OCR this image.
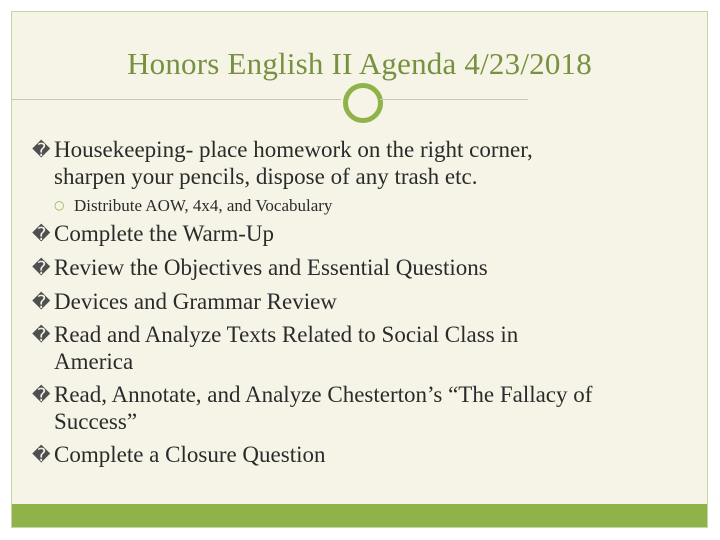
Honors English II Agenda 4/23/2018
� Housekeeping- place homework on the right corner,
sharpen your pencils, dispose of any trash etc.
○ Distribute AOW, 4x4, and Vocabulary
� Complete the Warm-Up
� Review the Objectives and Essential Questions
� Devices and Grammar Review
� Read and Analyze Texts Related to Social Class in
America
� Read, Annotate, and Analyze Chesterton’s “The Fallacy of
Success”
� Complete a Closure Question
